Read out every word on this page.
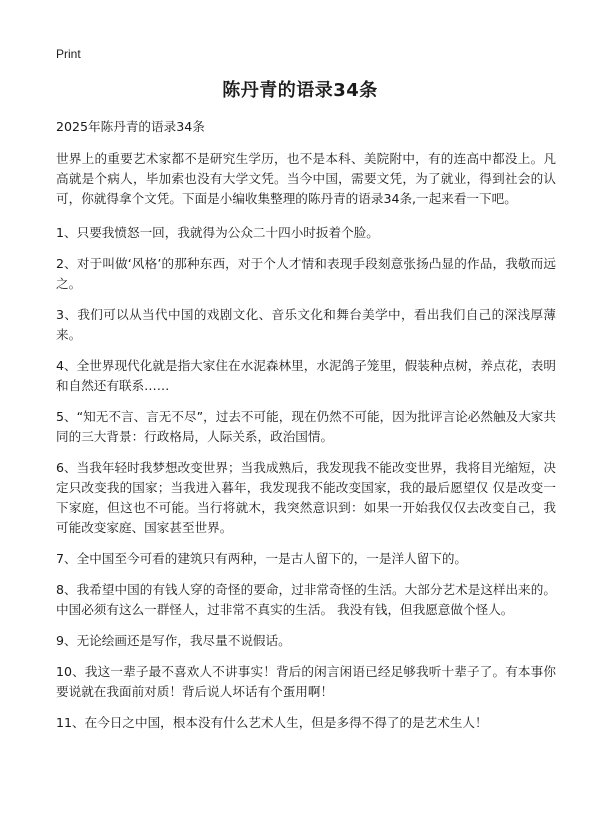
Print
陈丹青的语录34条

2025年陈丹青的语录34条

世界上的重要艺术家都不是研究生学历，也不是本科、美院附中，有的连高中都没上。凡高就是个病人，毕加索也没有大学文凭。当今中国，需要文凭，为了就业，得到社会的认可，你就得拿个文凭。下面是小编收集整理的陈丹青的语录34条,一起来看一下吧。

1、只要我愤怒一回，我就得为公众二十四小时扳着个脸。

2、对于叫做‘风格’的那种东西，对于个人才情和表现手段刻意张扬凸显的作品，我敬而远之。

3、我们可以从当代中国的戏剧文化、音乐文化和舞台美学中，看出我们自己的深浅厚薄来。

4、全世界现代化就是指大家住在水泥森林里，水泥鸽子笼里，假装种点树，养点花，表明和自然还有联系……

5、“知无不言、言无不尽”，过去不可能，现在仍然不可能，因为批评言论必然触及大家共同的三大背景：行政格局，人际关系，政治国情。

6、当我年轻时我梦想改变世界；当我成熟后，我发现我不能改变世界，我将目光缩短，决定只改变我的国家；当我进入暮年，我发现我不能改变国家，我的最后愿望仅 仅是改变一下家庭，但这也不可能。当行将就木，我突然意识到：如果一开始我仅仅去改变自己，我可能改变家庭、国家甚至世界。

7、全中国至今可看的建筑只有两种，一是古人留下的，一是洋人留下的。

8、我希望中国的有钱人穿的奇怪的要命，过非常奇怪的生活。大部分艺术是这样出来的。中国必须有这么一群怪人，过非常不真实的生活。 我没有钱，但我愿意做个怪人。

9、无论绘画还是写作，我尽量不说假话。

10、我这一辈子最不喜欢人不讲事实！背后的闲言闲语已经足够我听十辈子了。有本事你要说就在我面前对质！背后说人坏话有个蛋用啊！

11、在今日之中国，根本没有什么艺术人生，但是多得不得了的是艺术生人！
